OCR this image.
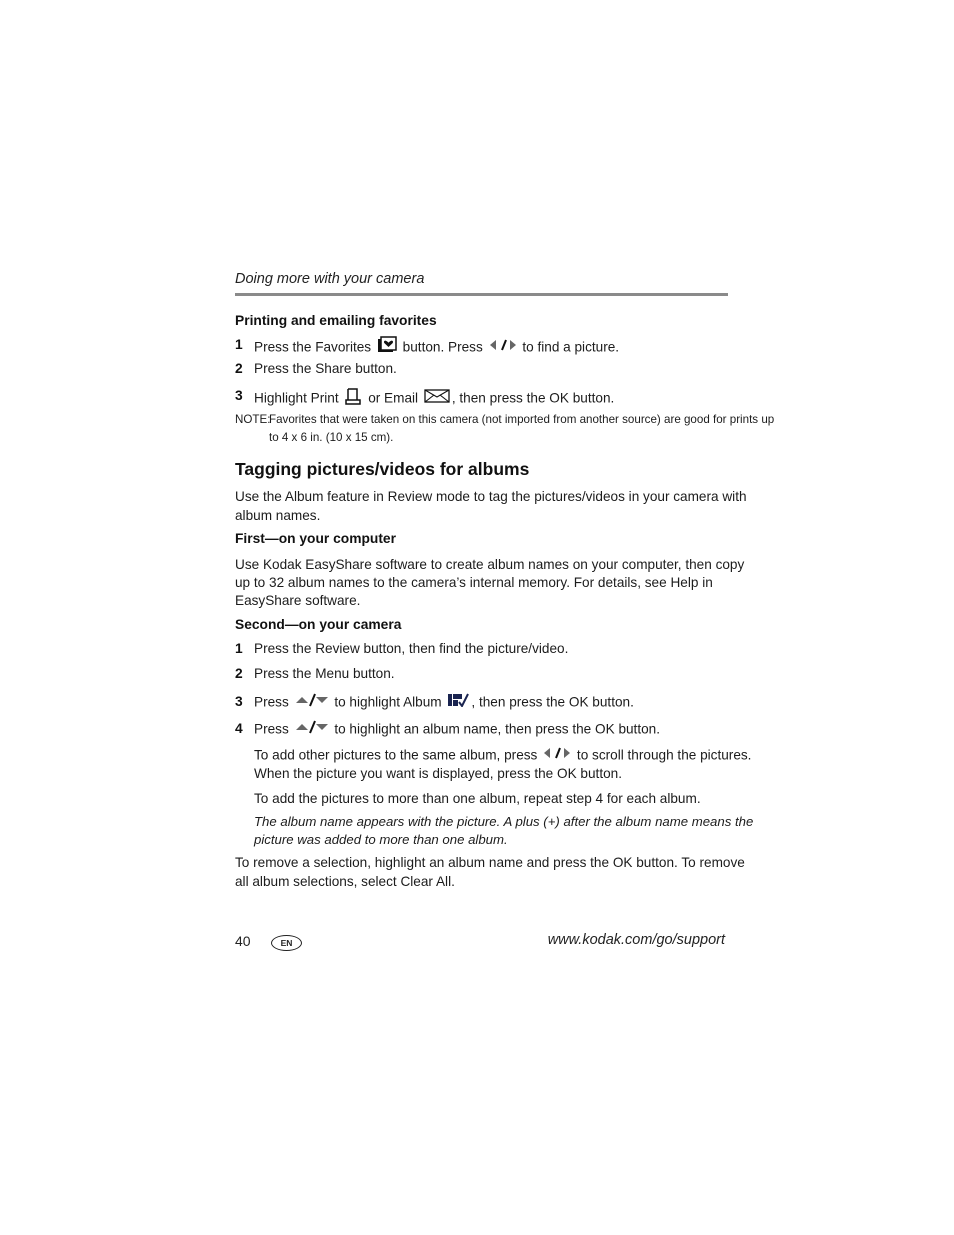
Doing more with your camera
Printing and emailing favorites
1 Press the Favorites button. Press	to find a picture.
2 Press the Share button.
3 Highlight Print or Email , then press the OK button.
NOTE:
Favorites that were taken on this camera (not imported from another source) are good for prints up
to 4 x 6 in. (10 x 15 cm).
Tagging pictures/videos for albums
Use the Album feature in Review mode to tag the pictures/videos in your camera with
album names.
First—on your computer
Use Kodak EasyShare software to create album names on your computer, then copy
up to 32 album names to the camera’s internal memory. For details, see Help in
EasyShare software.
Second—on your camera
1 Press the Review button, then find the picture/video.
2 Press the Menu button.
3 Press	to highlight Album , then press the OK button.
4 Press	to highlight an album name, then press the OK button.
To add other pictures to the same album, press	to scroll through the pictures.
When the picture you want is displayed, press the OK button.
To add the pictures to more than one album, repeat step 4 for each album.
The album name appears with the picture. A plus (+) after the album name means the
picture was added to more than one album.
To remove a selection, highlight an album name and press the OK button. To remove
all album selections, select Clear All.
40	EN	www.kodak.com/go/support
